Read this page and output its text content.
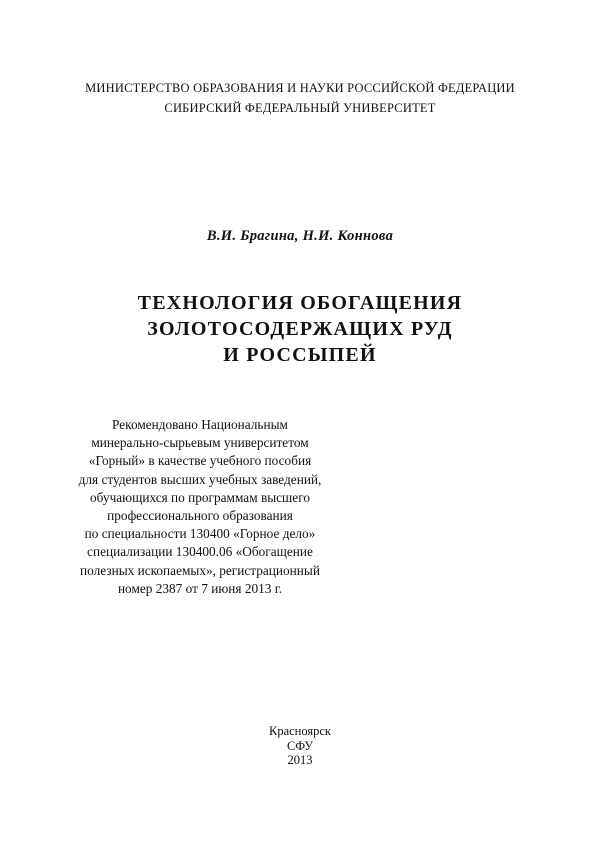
МИНИСТЕРСТВО ОБРАЗОВАНИЯ И НАУКИ РОССИЙСКОЙ ФЕДЕРАЦИИ
СИБИРСКИЙ ФЕДЕРАЛЬНЫЙ УНИВЕРСИТЕТ
В.И. Брагина, Н.И. Коннова
ТЕХНОЛОГИЯ ОБОГАЩЕНИЯ
ЗОЛОТОСОДЕРЖАЩИХ РУД
И РОССЫПЕЙ
Рекомендовано Национальным
минерально-сырьевым университетом
«Горный» в качестве учебного пособия
для студентов высших учебных заведений,
обучающихся по программам высшего
профессионального образования
по специальности 130400 «Горное дело»
специализации 130400.06 «Обогащение
полезных ископаемых», регистрационный
номер 2387 от 7 июня 2013 г.
Красноярск
СФУ
2013
